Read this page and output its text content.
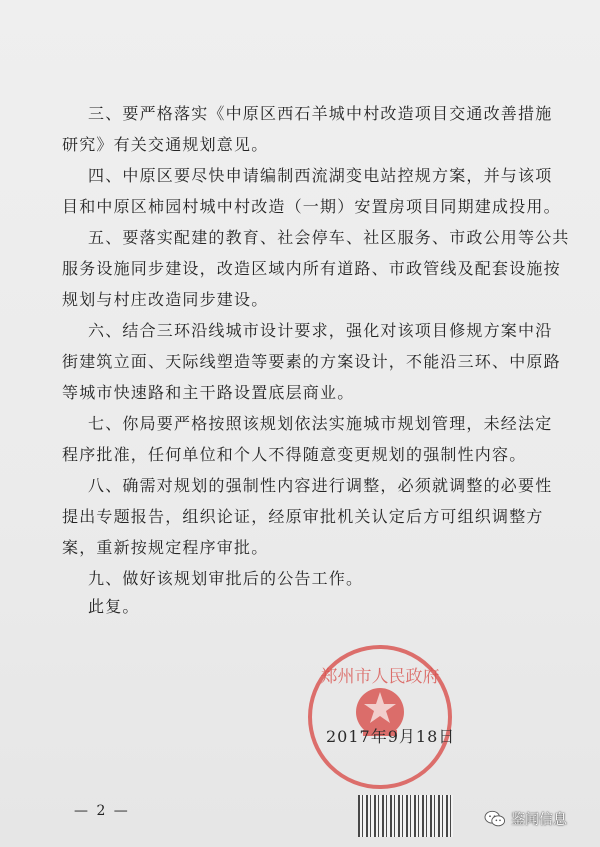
三、要严格落实《中原区西石羊城中村改造项目交通改善措施
研究》有关交通规划意见。
四、中原区要尽快申请编制西流湖变电站控规方案，并与该项
目和中原区柿园村城中村改造（一期）安置房项目同期建成投用。
五、要落实配建的教育、社会停车、社区服务、市政公用等公共
服务设施同步建设，改造区域内所有道路、市政管线及配套设施按
规划与村庄改造同步建设。
六、结合三环沿线城市设计要求，强化对该项目修规方案中沿
街建筑立面、天际线塑造等要素的方案设计，不能沿三环、中原路
等城市快速路和主干路设置底层商业。
七、你局要严格按照该规划依法实施城市规划管理，未经法定
程序批准，任何单位和个人不得随意变更规划的强制性内容。
八、确需对规划的强制性内容进行调整，必须就调整的必要性
提出专题报告，组织论证，经原审批机关认定后方可组织调整方
案，重新按规定程序审批。
九、做好该规划审批后的公告工作。
此复。
郑州市人民政府
2017年9月18日
— 2 —
鉴闻信息
